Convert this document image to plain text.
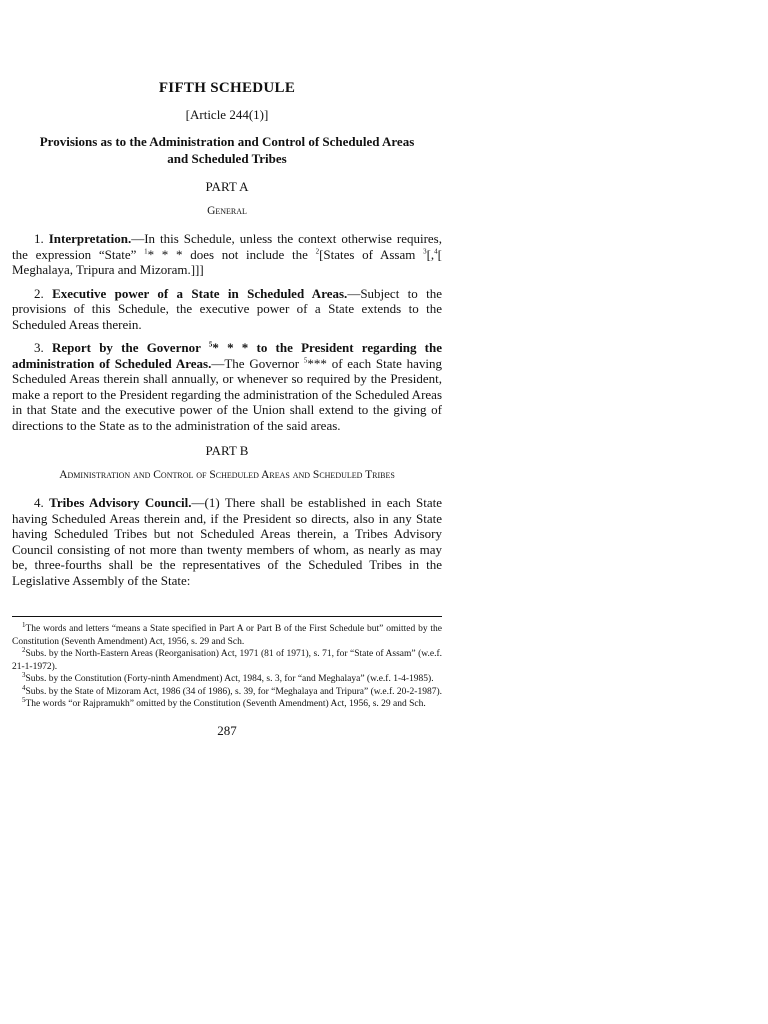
FIFTH SCHEDULE
[Article 244(1)]
Provisions as to the Administration and Control of Scheduled Areas
and Scheduled Tribes
PART A
General

1. Interpretation.—In this Schedule, unless the context otherwise requires, the expression “State” $^1$* * * does not include the $^2$[States of Assam $^3$[,$^4$[ Meghalaya, Tripura and Mizoram.]]]

2. Executive power of a State in Scheduled Areas.—Subject to the provisions of this Schedule, the executive power of a State extends to the Scheduled Areas therein.

3. Report by the Governor $^5$* * * to the President regarding the administration of Scheduled Areas.—The Governor $^5$*** of each State having Scheduled Areas therein shall annually, or whenever so required by the President, make a report to the President regarding the administration of the Scheduled Areas in that State and the executive power of the Union shall extend to the giving of directions to the State as to the administration of the said areas.

PART B
Administration and Control of Scheduled Areas and Scheduled Tribes

4. Tribes Advisory Council.—(1) There shall be established in each State having Scheduled Areas therein and, if the President so directs, also in any State having Scheduled Tribes but not Scheduled Areas therein, a Tribes Advisory Council consisting of not more than twenty members of whom, as nearly as may be, three-fourths shall be the representatives of the Scheduled Tribes in the Legislative Assembly of the State:

$^1$The words and letters “means a State specified in Part A or Part B of the First Schedule but” omitted by the Constitution (Seventh Amendment) Act, 1956, s. 29 and Sch.

$^2$Subs. by the North-Eastern Areas (Reorganisation) Act, 1971 (81 of 1971), s. 71, for “State of Assam” (w.e.f. 21-1-1972).

$^3$Subs. by the Constitution (Forty-ninth Amendment) Act, 1984, s. 3, for “and Meghalaya” (w.e.f. 1-4-1985).

$^4$Subs. by the State of Mizoram Act, 1986 (34 of 1986), s. 39, for “Meghalaya and Tripura” (w.e.f. 20-2-1987).

$^5$The words “or Rajpramukh” omitted by the Constitution (Seventh Amendment) Act, 1956, s. 29 and Sch.

287
